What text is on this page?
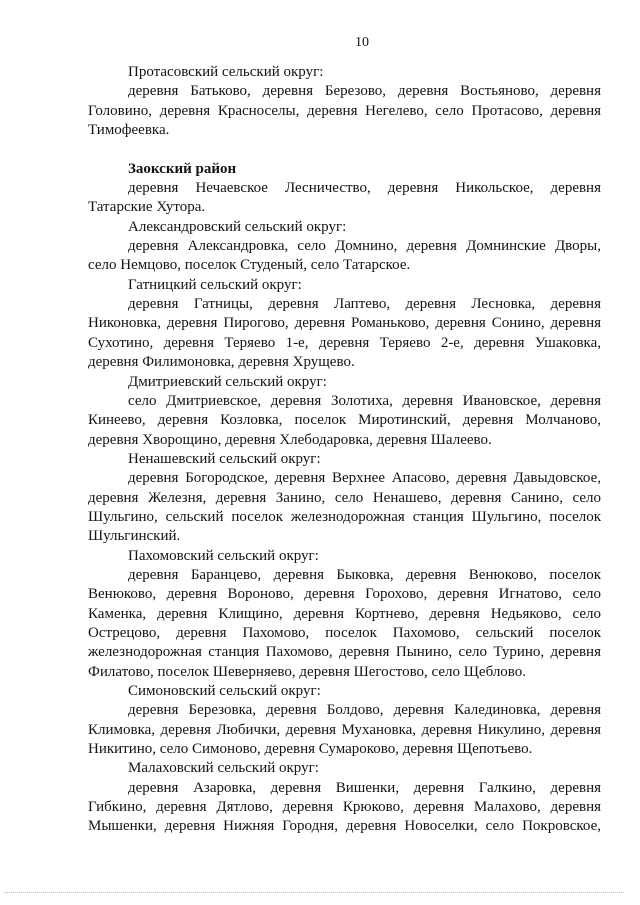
10
Протасовский сельский округ:
деревня Батьково, деревня Березово, деревня Востьяново, деревня
Головино, деревня Красноселы, деревня Негелево, село Протасово, деревня
Тимофеевка.
Заокский район
деревня Нечаевское Лесничество, деревня Никольское, деревня
Татарские Хутора.
Александровский сельский округ:
деревня Александровка, село Домнино, деревня Домнинские Дворы,
село Немцово, поселок Студеный, село Татарское.
Гатницкий сельский округ:
деревня Гатницы, деревня Лаптево, деревня Лесновка, деревня
Никоновка, деревня Пирогово, деревня Романьково, деревня Сонино, деревня
Сухотино, деревня Теряево 1-е, деревня Теряево 2-е, деревня Ушаковка,
деревня Филимоновка, деревня Хрущево.
Дмитриевский сельский округ:
село Дмитриевское, деревня Золотиха, деревня Ивановское, деревня
Кинеево, деревня Козловка, поселок Миротинский, деревня Молчаново,
деревня Хворощино, деревня Хлебодаровка, деревня Шалеево.
Ненашевский сельский округ:
деревня Богородское, деревня Верхнее Апасово, деревня Давыдовское,
деревня Железня, деревня Занино, село Ненашево, деревня Санино, село
Шульгино, сельский поселок железнодорожная станция Шульгино, поселок
Шульгинский.
Пахомовский сельский округ:
деревня Баранцево, деревня Быковка, деревня Венюково, поселок
Венюково, деревня Вороново, деревня Горохово, деревня Игнатово, село
Каменка, деревня Клищино, деревня Кортнево, деревня Недьяково, село
Острецово, деревня Пахомово, поселок Пахомово, сельский поселок
железнодорожная станция Пахомово, деревня Пынино, село Турино, деревня
Филатово, поселок Шеверняево, деревня Шегостово, село Щеблово.
Симоновский сельский округ:
деревня Березовка, деревня Болдово, деревня Калединовка, деревня
Климовка, деревня Любички, деревня Мухановка, деревня Никулино, деревня
Никитино, село Симоново, деревня Сумароково, деревня Щепотьево.
Малаховский сельский округ:
деревня Азаровка, деревня Вишенки, деревня Галкино, деревня
Гибкино, деревня Дятлово, деревня Крюково, деревня Малахово, деревня
Мышенки, деревня Нижняя Городня, деревня Новоселки, село Покровское,
